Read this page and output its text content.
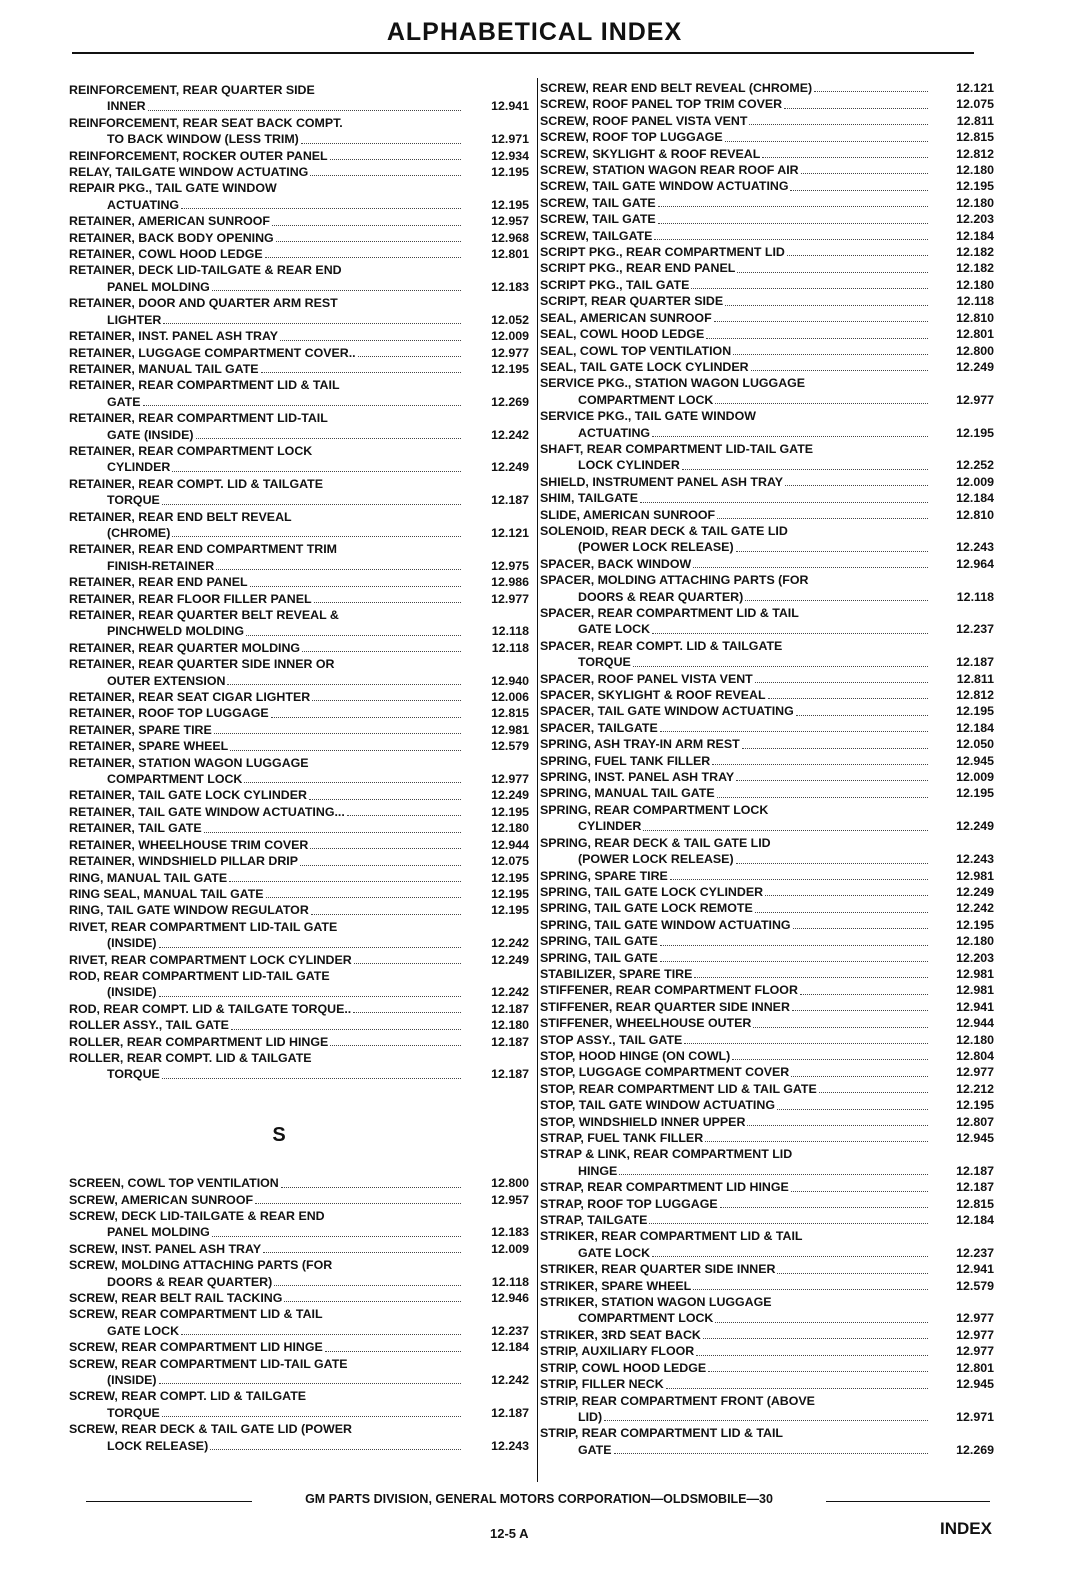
ALPHABETICAL INDEX
REINFORCEMENT, REAR QUARTER SIDE
INNER	12.941
REINFORCEMENT, REAR SEAT BACK COMPT.
TO BACK WINDOW (LESS TRIM)	12.971
REINFORCEMENT, ROCKER OUTER PANEL	12.934
RELAY, TAILGATE WINDOW ACTUATING	12.195
REPAIR PKG., TAIL GATE WINDOW
ACTUATING	12.195
RETAINER, AMERICAN SUNROOF	12.957
RETAINER, BACK BODY OPENING	12.968
RETAINER, COWL HOOD LEDGE	12.801
RETAINER, DECK LID-TAILGATE & REAR END
PANEL MOLDING	12.183
RETAINER, DOOR AND QUARTER ARM REST
LIGHTER	12.052
RETAINER, INST. PANEL ASH TRAY	12.009
RETAINER, LUGGAGE COMPARTMENT COVER..	12.977
RETAINER, MANUAL TAIL GATE	12.195
RETAINER, REAR COMPARTMENT LID & TAIL
GATE	12.269
RETAINER, REAR COMPARTMENT LID-TAIL
GATE (INSIDE)	12.242
RETAINER, REAR COMPARTMENT LOCK
CYLINDER	12.249
RETAINER, REAR COMPT. LID & TAILGATE
TORQUE	12.187
RETAINER, REAR END BELT REVEAL
(CHROME)	12.121
RETAINER, REAR END COMPARTMENT TRIM
FINISH-RETAINER	12.975
RETAINER, REAR END PANEL	12.986
RETAINER, REAR FLOOR FILLER PANEL	12.977
RETAINER, REAR QUARTER BELT REVEAL &
PINCHWELD MOLDING	12.118
RETAINER, REAR QUARTER MOLDING	12.118
RETAINER, REAR QUARTER SIDE INNER OR
OUTER EXTENSION	12.940
RETAINER, REAR SEAT CIGAR LIGHTER	12.006
RETAINER, ROOF TOP LUGGAGE	12.815
RETAINER, SPARE TIRE	12.981
RETAINER, SPARE WHEEL	12.579
RETAINER, STATION WAGON LUGGAGE
COMPARTMENT LOCK	12.977
RETAINER, TAIL GATE LOCK CYLINDER	12.249
RETAINER, TAIL GATE WINDOW ACTUATING...	12.195
RETAINER, TAIL GATE	12.180
RETAINER, WHEELHOUSE TRIM COVER	12.944
RETAINER, WINDSHIELD PILLAR DRIP	12.075
RING, MANUAL TAIL GATE	12.195
RING SEAL, MANUAL TAIL GATE	12.195
RING, TAIL GATE WINDOW REGULATOR	12.195
RIVET, REAR COMPARTMENT LID-TAIL GATE
(INSIDE)	12.242
RIVET, REAR COMPARTMENT LOCK CYLINDER	12.249
ROD, REAR COMPARTMENT LID-TAIL GATE
(INSIDE)	12.242
ROD, REAR COMPT. LID & TAILGATE TORQUE..	12.187
ROLLER ASSY., TAIL GATE	12.180
ROLLER, REAR COMPARTMENT LID HINGE	12.187
ROLLER, REAR COMPT. LID & TAILGATE
TORQUE	12.187
S
SCREEN, COWL TOP VENTILATION	12.800
SCREW, AMERICAN SUNROOF	12.957
SCREW, DECK LID-TAILGATE & REAR END
PANEL MOLDING	12.183
SCREW, INST. PANEL ASH TRAY	12.009
SCREW, MOLDING ATTACHING PARTS (FOR
DOORS & REAR QUARTER)	12.118
SCREW, REAR BELT RAIL TACKING	12.946
SCREW, REAR COMPARTMENT LID & TAIL
GATE LOCK	12.237
SCREW, REAR COMPARTMENT LID HINGE	12.184
SCREW, REAR COMPARTMENT LID-TAIL GATE
(INSIDE)	12.242
SCREW, REAR COMPT. LID & TAILGATE
TORQUE	12.187
SCREW, REAR DECK & TAIL GATE LID (POWER
LOCK RELEASE)	12.243
SCREW, REAR END BELT REVEAL (CHROME)	12.121
SCREW, ROOF PANEL TOP TRIM COVER	12.075
SCREW, ROOF PANEL VISTA VENT	12.811
SCREW, ROOF TOP LUGGAGE	12.815
SCREW, SKYLIGHT & ROOF REVEAL	12.812
SCREW, STATION WAGON REAR ROOF AIR	12.180
SCREW, TAIL GATE WINDOW ACTUATING	12.195
SCREW, TAIL GATE	12.180
SCREW, TAIL GATE	12.203
SCREW, TAILGATE	12.184
SCRIPT PKG., REAR COMPARTMENT LID	12.182
SCRIPT PKG., REAR END PANEL	12.182
SCRIPT PKG., TAIL GATE	12.180
SCRIPT, REAR QUARTER SIDE	12.118
SEAL, AMERICAN SUNROOF	12.810
SEAL, COWL HOOD LEDGE	12.801
SEAL, COWL TOP VENTILATION	12.800
SEAL, TAIL GATE LOCK CYLINDER	12.249
SERVICE PKG., STATION WAGON LUGGAGE
COMPARTMENT LOCK	12.977
SERVICE PKG., TAIL GATE WINDOW
ACTUATING	12.195
SHAFT, REAR COMPARTMENT LID-TAIL GATE
LOCK CYLINDER	12.252
SHIELD, INSTRUMENT PANEL ASH TRAY	12.009
SHIM, TAILGATE	12.184
SLIDE, AMERICAN SUNROOF	12.810
SOLENOID, REAR DECK & TAIL GATE LID
(POWER LOCK RELEASE)	12.243
SPACER, BACK WINDOW	12.964
SPACER, MOLDING ATTACHING PARTS (FOR
DOORS & REAR QUARTER)	12.118
SPACER, REAR COMPARTMENT LID & TAIL
GATE LOCK	12.237
SPACER, REAR COMPT. LID & TAILGATE
TORQUE	12.187
SPACER, ROOF PANEL VISTA VENT	12.811
SPACER, SKYLIGHT & ROOF REVEAL	12.812
SPACER, TAIL GATE WINDOW ACTUATING	12.195
SPACER, TAILGATE	12.184
SPRING, ASH TRAY-IN ARM REST	12.050
SPRING, FUEL TANK FILLER	12.945
SPRING, INST. PANEL ASH TRAY	12.009
SPRING, MANUAL TAIL GATE	12.195
SPRING, REAR COMPARTMENT LOCK
CYLINDER	12.249
SPRING, REAR DECK & TAIL GATE LID
(POWER LOCK RELEASE)	12.243
SPRING, SPARE TIRE	12.981
SPRING, TAIL GATE LOCK CYLINDER	12.249
SPRING, TAIL GATE LOCK REMOTE	12.242
SPRING, TAIL GATE WINDOW ACTUATING	12.195
SPRING, TAIL GATE	12.180
SPRING, TAIL GATE	12.203
STABILIZER, SPARE TIRE	12.981
STIFFENER, REAR COMPARTMENT FLOOR	12.981
STIFFENER, REAR QUARTER SIDE INNER	12.941
STIFFENER, WHEELHOUSE OUTER	12.944
STOP ASSY., TAIL GATE	12.180
STOP, HOOD HINGE (ON COWL)	12.804
STOP, LUGGAGE COMPARTMENT COVER	12.977
STOP, REAR COMPARTMENT LID & TAIL GATE	12.212
STOP, TAIL GATE WINDOW ACTUATING	12.195
STOP, WINDSHIELD INNER UPPER	12.807
STRAP, FUEL TANK FILLER	12.945
STRAP & LINK, REAR COMPARTMENT LID
HINGE	12.187
STRAP, REAR COMPARTMENT LID HINGE	12.187
STRAP, ROOF TOP LUGGAGE	12.815
STRAP, TAILGATE	12.184
STRIKER, REAR COMPARTMENT LID & TAIL
GATE LOCK	12.237
STRIKER, REAR QUARTER SIDE INNER	12.941
STRIKER, SPARE WHEEL	12.579
STRIKER, STATION WAGON LUGGAGE
COMPARTMENT LOCK	12.977
STRIKER, 3RD SEAT BACK	12.977
STRIP, AUXILIARY FLOOR	12.977
STRIP, COWL HOOD LEDGE	12.801
STRIP, FILLER NECK	12.945
STRIP, REAR COMPARTMENT FRONT (ABOVE
LID)	12.971
STRIP, REAR COMPARTMENT LID & TAIL
GATE	12.269
GM PARTS DIVISION, GENERAL MOTORS CORPORATION—OLDSMOBILE—30
12-5 A	INDEX
